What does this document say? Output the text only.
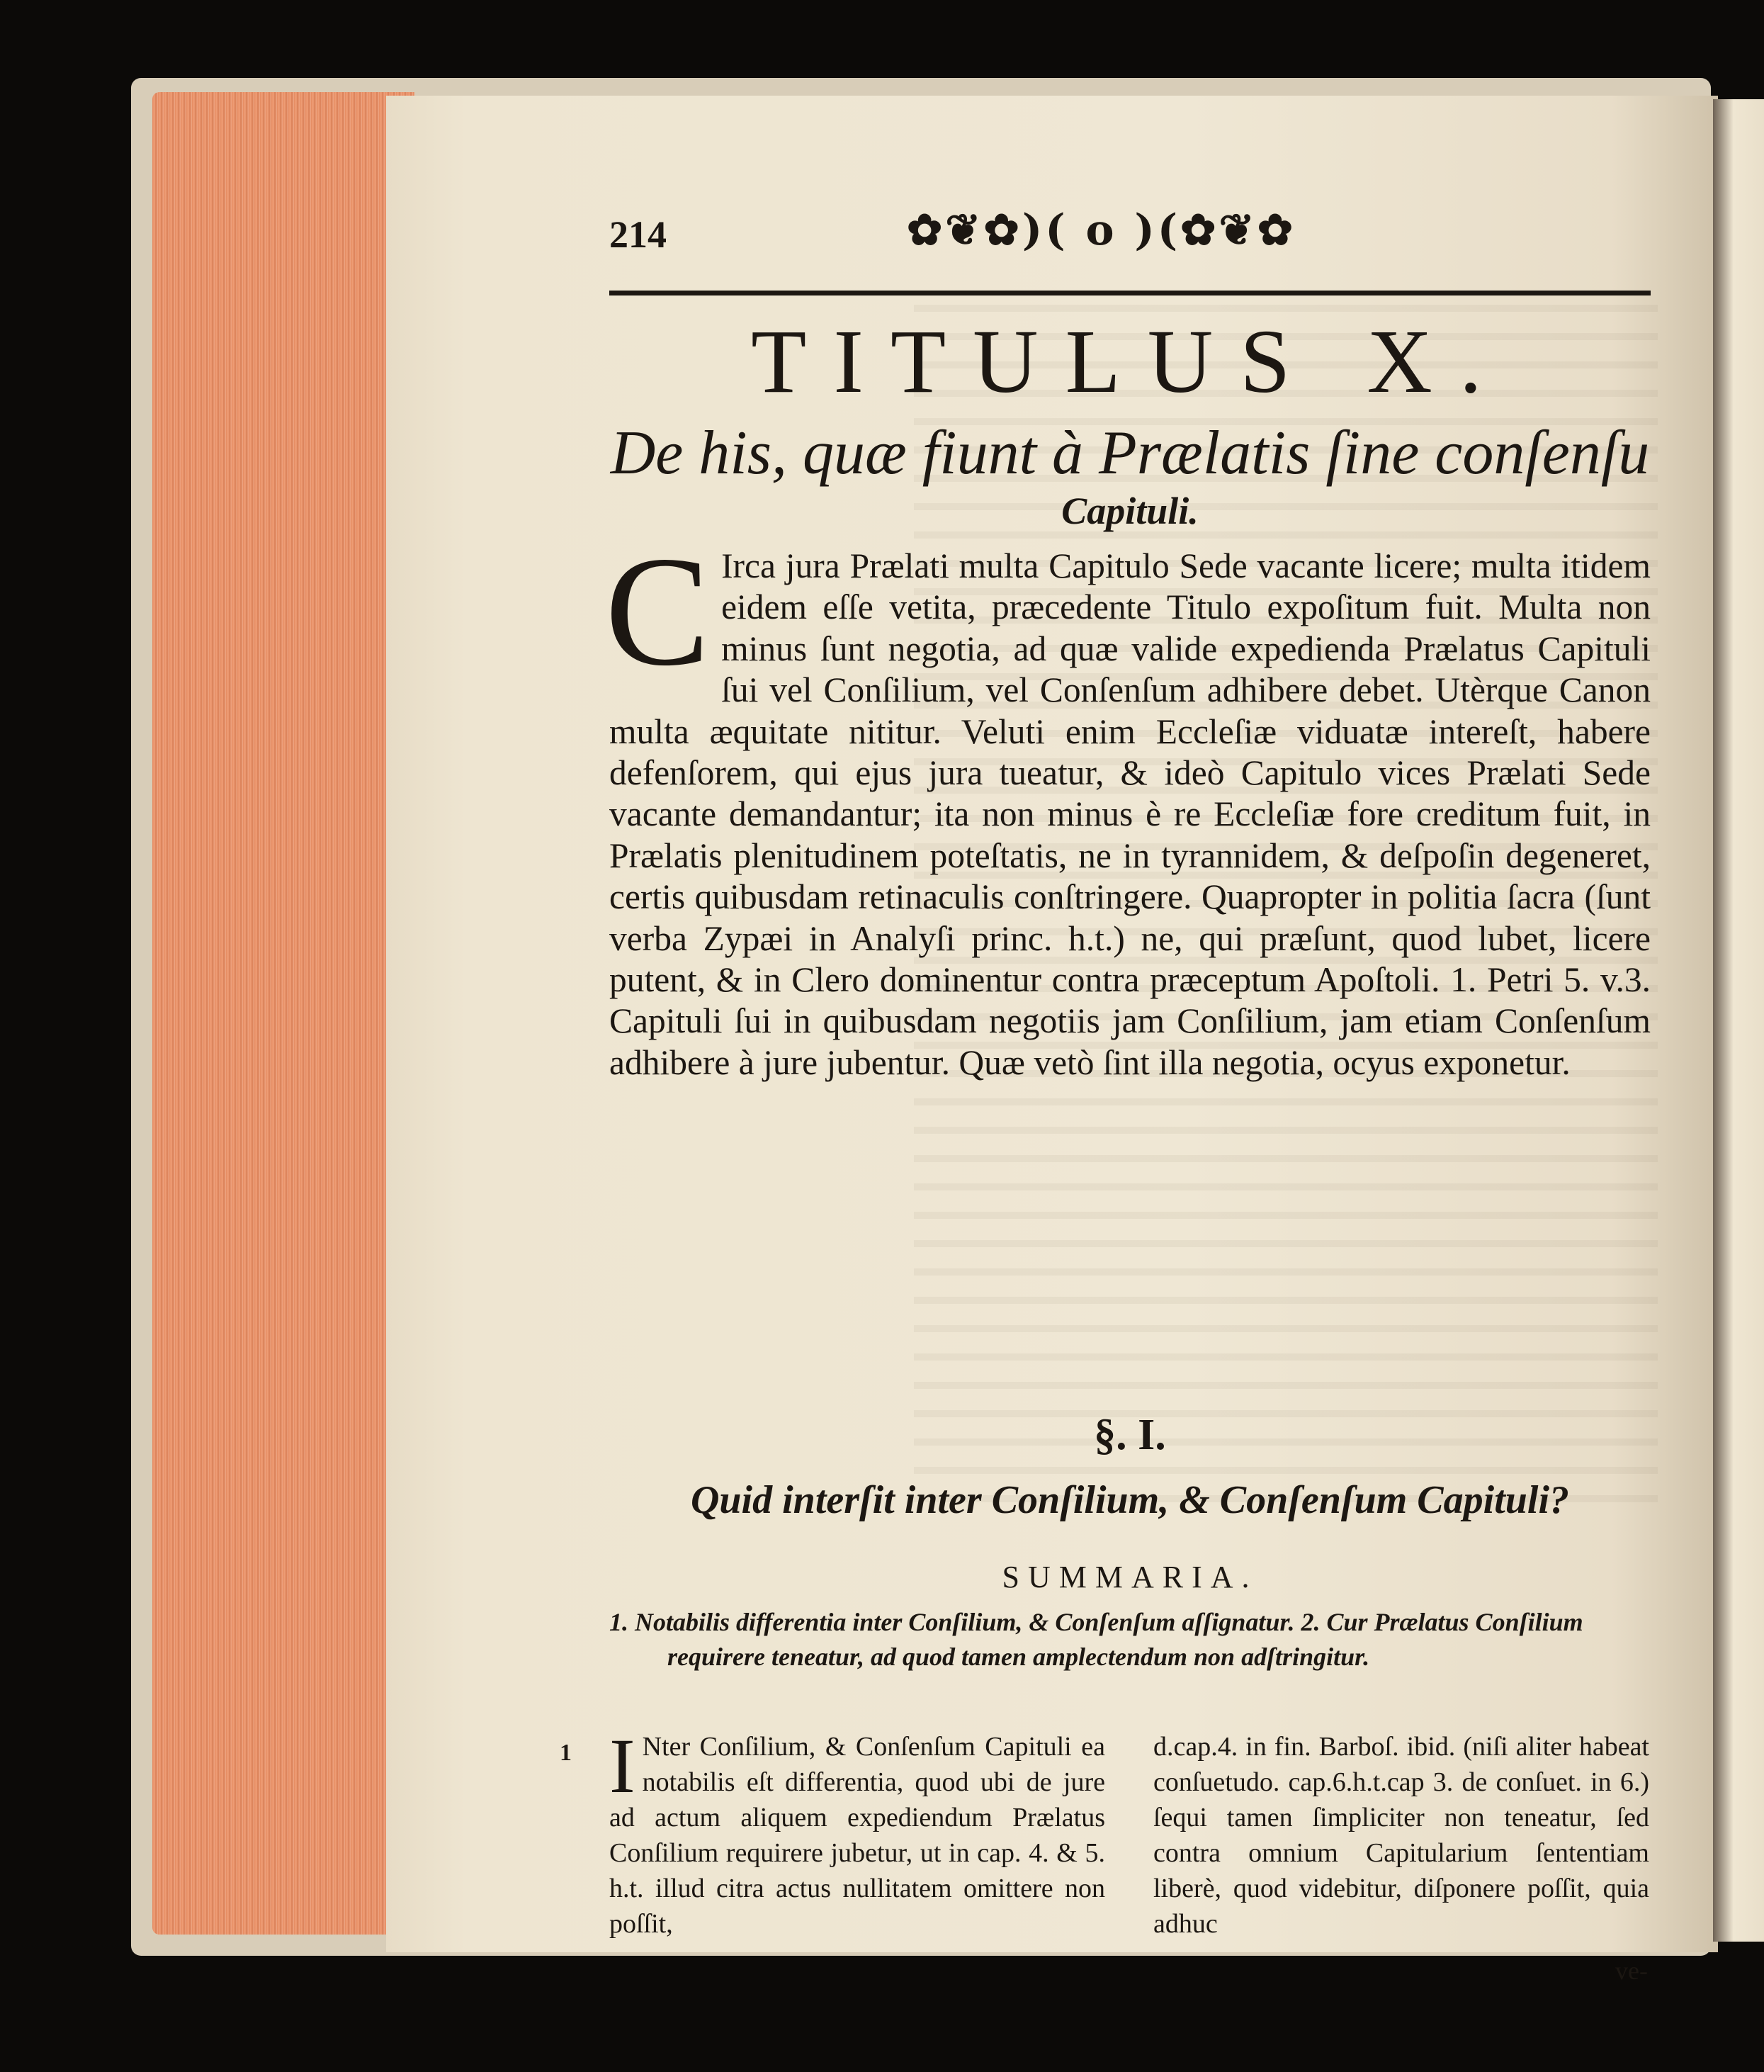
214	✿❦✿)( o )(✿❦✿
TITULUS X.
De his, quæ fiunt à Prælatis ſine conſenſu
Capituli.
C Irca jura Prælati multa Capitulo Sede vacante licere; multa itidem eidem eſſe vetita, præcedente Titulo expoſitum fuit. Multa non minus ſunt negotia, ad quæ valide expedienda Prælatus Capituli ſui vel Conſilium, vel Conſenſum adhibere debet. Utèrque Canon multa æquitate nititur. Veluti enim Eccleſiæ viduatæ intereſt, habere defenſorem, qui ejus jura tueatur, & ideò Capitulo vices Prælati Sede vacante demandantur; ita non minus è re Eccleſiæ fore creditum fuit, in Prælatis plenitudinem poteſtatis, ne in tyrannidem, & deſpoſin degeneret, certis quibusdam retinaculis conſtringere. Quapropter in politia ſacra (ſunt verba Zypæi in Analyſi princ. h.t.) ne, qui præſunt, quod lubet, licere putent, & in Clero dominentur contra præceptum Apoſtoli. 1. Petri 5. v.3. Capituli ſui in quibusdam negotiis jam Conſilium, jam etiam Conſenſum adhibere à jure jubentur. Quæ vetò ſint illa negotia, ocyus exponetur.
§. I.
Quid interſit inter Conſilium, & Conſenſum Capituli?
SUMMARIA.
1. Notabilis differentia inter Conſilium, & Conſenſum aſſignatur. 2. Cur Prælatus Conſilium requirere teneatur, ad quod tamen amplectendum non adſtringitur.
1 I Nter Conſilium, & Conſenſum Capituli ea notabilis eſt differentia, quod ubi de jure ad actum aliquem expediendum Prælatus Conſilium requirere jubetur, ut in cap. 4. & 5. h.t. illud citra actus nullitatem omittere non poſſit,
d.cap.4. in fin. Barboſ. ibid. (niſi aliter habeat conſuetudo. cap.6.h.t.cap 3. de conſuet. in 6.) ſequi tamen ſimpliciter non teneatur, ſed contra omnium Capitularium ſententiam liberè, quod videbitur, diſponere poſſit, quia adhuc
ve-
